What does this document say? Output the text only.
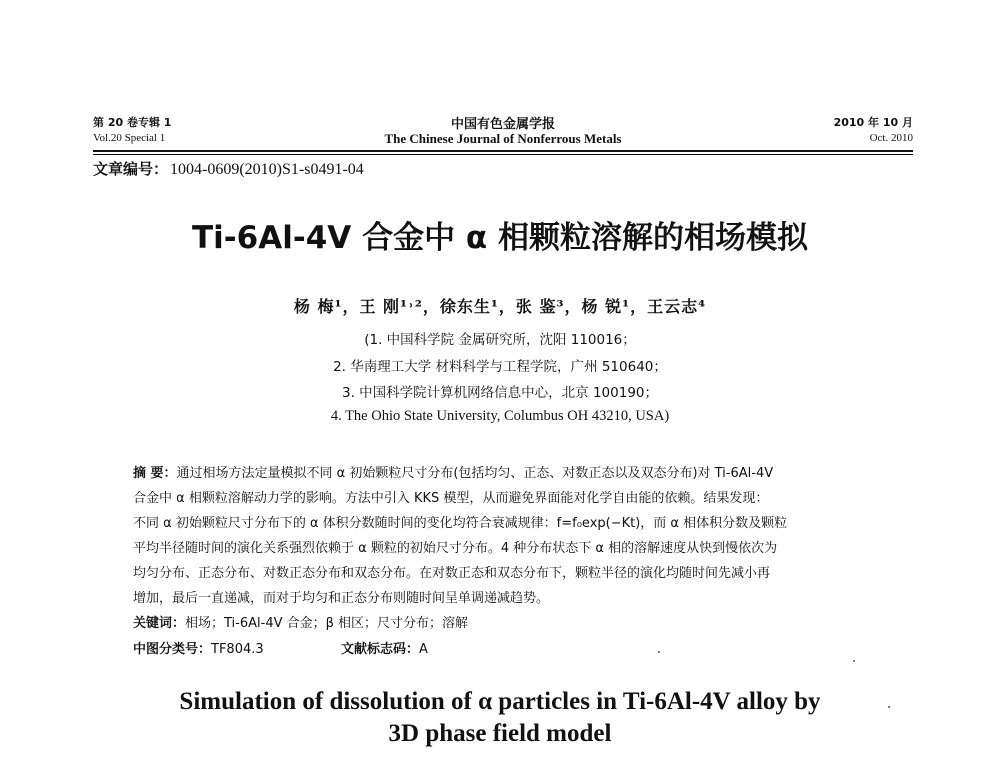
第 20 卷专辑 1	中国有色金属学报	2010 年 10 月
Vol.20 Special 1	The Chinese Journal of Nonferrous Metals	Oct. 2010
文章编号： 1004-0609(2010)S1-s0491-04
Ti-6Al-4V 合金中 α 相颗粒溶解的相场模拟
杨 梅¹，王 刚¹˒²，徐东生¹，张 鉴³，杨 锐¹，王云志⁴
(1. 中国科学院 金属研究所，沈阳 110016；
2. 华南理工大学 材料科学与工程学院，广州 510640；
3. 中国科学院计算机网络信息中心，北京 100190；
4. The Ohio State University, Columbus OH 43210, USA)
摘 要：通过相场方法定量模拟不同 α 初始颗粒尺寸分布(包括均匀、正态、对数正态以及双态分布)对 Ti-6Al-4V
合金中 α 相颗粒溶解动力学的影响。方法中引入 KKS 模型，从而避免界面能对化学自由能的依赖。结果发现：
不同 α 初始颗粒尺寸分布下的 α 体积分数随时间的变化均符合衰减规律：f=f₀exp(−Kt)，而 α 相体积分数及颗粒
平均半径随时间的演化关系强烈依赖于 α 颗粒的初始尺寸分布。4 种分布状态下 α 相的溶解速度从快到慢依次为
均匀分布、正态分布、对数正态分布和双态分布。在对数正态和双态分布下，颗粒半径的演化均随时间先减小再
增加，最后一直递减，而对于均匀和正态分布则随时间呈单调递减趋势。
关键词：相场；Ti-6Al-4V 合金；β 相区；尺寸分布；溶解
中图分类号：TF804.3	文献标志码：A
Simulation of dissolution of α particles in Ti-6Al-4V alloy by
3D phase field model
